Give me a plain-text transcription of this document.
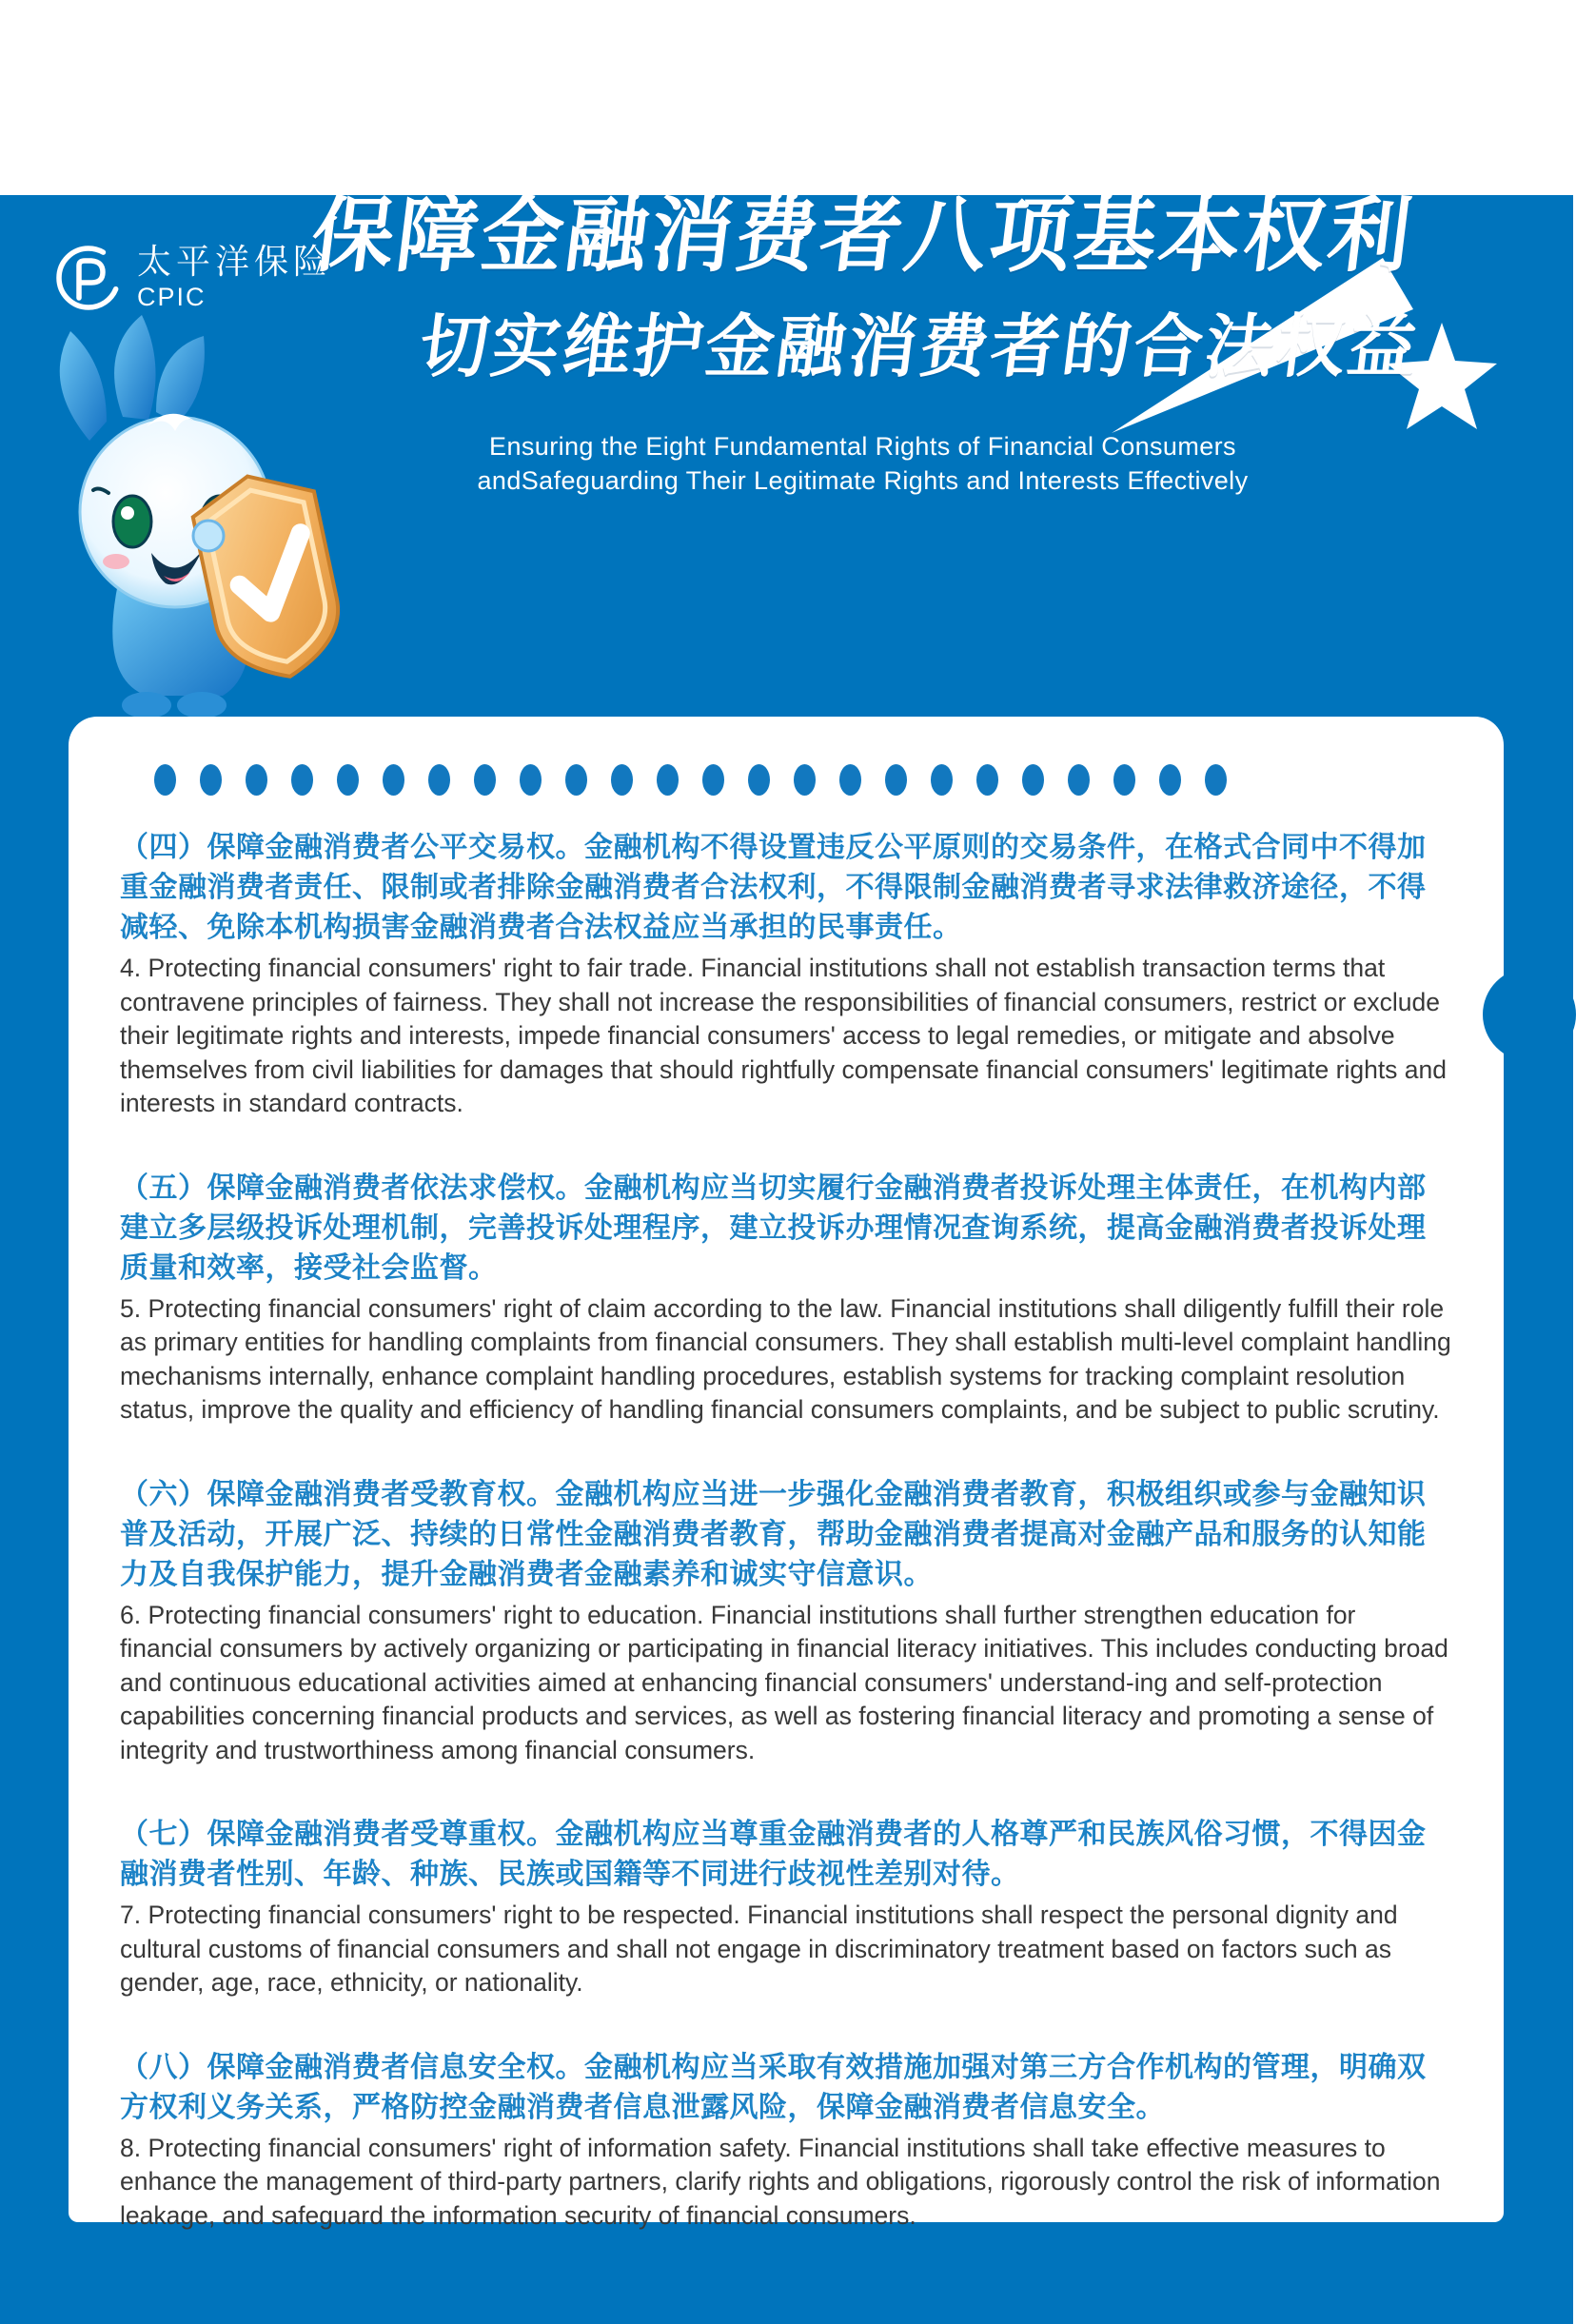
太平洋保险
CPIC
保障金融消费者八项基本权利
切实维护金融消费者的合法权益
Ensuring the Eight Fundamental Rights of Financial Consumers
andSafeguarding Their Legitimate Rights and Interests Effectively

（四）保障金融消费者公平交易权。金融机构不得设置违反公平原则的交易条件，在格式合同中不得加重金融消费者责任、限制或者排除金融消费者合法权利，不得限制金融消费者寻求法律救济途径，不得减轻、免除本机构损害金融消费者合法权益应当承担的民事责任。

4. Protecting financial consumers' right to fair trade. Financial institutions shall not establish transaction terms that contravene principles of fairness. They shall not increase the responsibilities of financial consumers, restrict or exclude their legitimate rights and interests, impede financial consumers' access to legal remedies, or mitigate and absolve themselves from civil liabilities for damages that should rightfully compensate financial consumers' legitimate rights and interests in standard contracts.

（五）保障金融消费者依法求偿权。金融机构应当切实履行金融消费者投诉处理主体责任，在机构内部建立多层级投诉处理机制，完善投诉处理程序，建立投诉办理情况查询系统，提高金融消费者投诉处理质量和效率，接受社会监督。

5. Protecting financial consumers' right of claim according to the law. Financial institutions shall diligently fulfill their role as primary entities for handling complaints from financial consumers. They shall establish multi-level complaint handling mechanisms internally, enhance complaint handling procedures, establish systems for tracking complaint resolution status, improve the quality and efficiency of handling financial consumers complaints, and be subject to public scrutiny.

（六）保障金融消费者受教育权。金融机构应当进一步强化金融消费者教育，积极组织或参与金融知识普及活动，开展广泛、持续的日常性金融消费者教育，帮助金融消费者提高对金融产品和服务的认知能力及自我保护能力，提升金融消费者金融素养和诚实守信意识。

6. Protecting financial consumers' right to education. Financial institutions shall further strengthen education for financial consumers by actively organizing or participating in financial literacy initiatives. This includes conducting broad and continuous educational activities aimed at enhancing financial consumers' understand-ing and self-protection capabilities concerning financial products and services, as well as fostering financial literacy and promoting a sense of integrity and trustworthiness among financial consumers.

（七）保障金融消费者受尊重权。金融机构应当尊重金融消费者的人格尊严和民族风俗习惯，不得因金融消费者性别、年龄、种族、民族或国籍等不同进行歧视性差别对待。

7. Protecting financial consumers' right to be respected. Financial institutions shall respect the personal dignity and cultural customs of financial consumers and shall not engage in discriminatory treatment based on factors such as gender, age, race, ethnicity, or nationality.

（八）保障金融消费者信息安全权。金融机构应当采取有效措施加强对第三方合作机构的管理，明确双方权利义务关系，严格防控金融消费者信息泄露风险，保障金融消费者信息安全。

8. Protecting financial consumers' right of information safety. Financial institutions shall take effective measures to enhance the management of third-party partners, clarify rights and obligations, rigorously control the risk of information leakage, and safeguard the information security of financial consumers.
